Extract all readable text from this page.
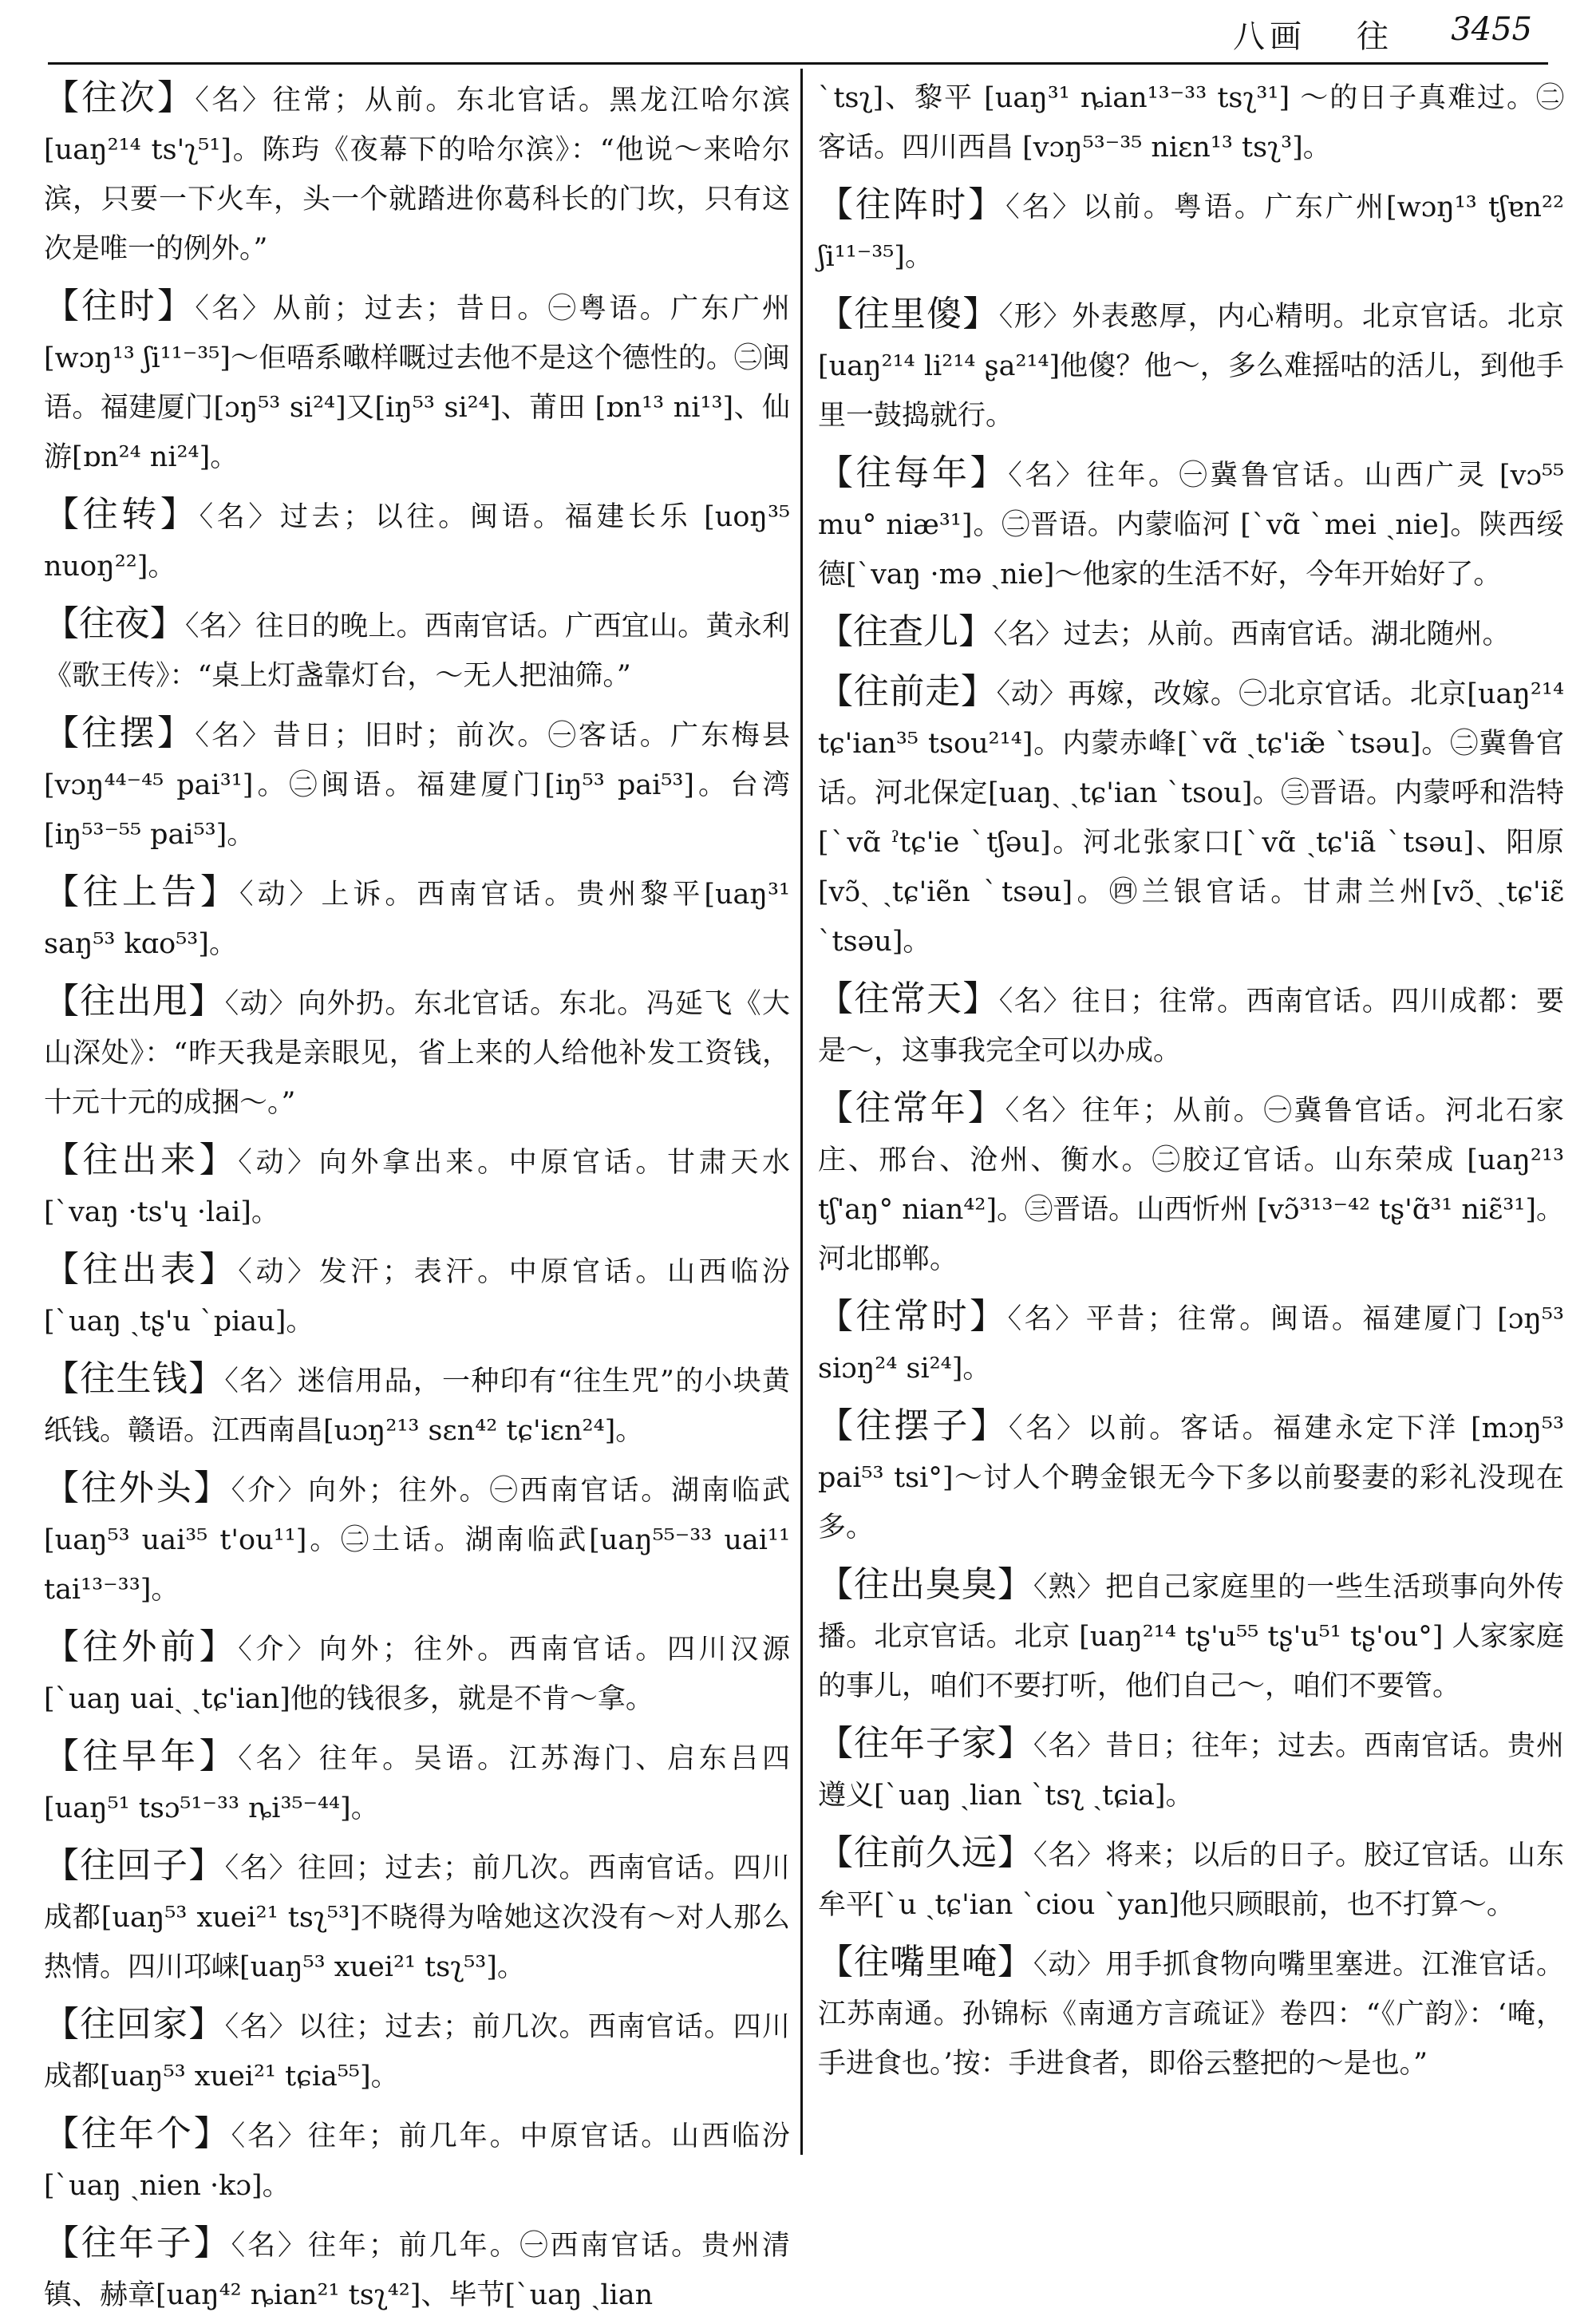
八画 往 3455

【往次】〈名〉往常；从前。东北官话。黑龙江哈尔滨 [uaŋ²¹⁴ ts'ʅ⁵¹]。陈玙《夜幕下的哈尔滨》：“他说～来哈尔滨，只要一下火车，头一个就踏进你葛科长的门坎，只有这次是唯一的例外。”

【往时】〈名〉从前；过去；昔日。㊀粤语。广东广州 [wɔŋ¹³ ʃi¹¹⁻³⁵]～佢唔系噉样嘅过去他不是这个德性的。㊁闽语。福建厦门[ɔŋ⁵³ si²⁴]又[iŋ⁵³ si²⁴]、莆田 [ɒn¹³ ni¹³]、仙游[ɒn²⁴ ni²⁴]。

【往转】〈名〉过去；以往。闽语。福建长乐 [uoŋ³⁵ nuoŋ²²]。

【往夜】〈名〉往日的晚上。西南官话。广西宜山。黄永利《歌王传》：“桌上灯盏靠灯台，～无人把油筛。”

【往摆】〈名〉昔日；旧时；前次。㊀客话。广东梅县 [vɔŋ⁴⁴⁻⁴⁵ pai³¹]。㊁闽语。福建厦门[iŋ⁵³ pai⁵³]。台湾[iŋ⁵³⁻⁵⁵ pai⁵³]。

【往上告】〈动〉上诉。西南官话。贵州黎平[uaŋ³¹ saŋ⁵³ kɑo⁵³]。

【往出甩】〈动〉向外扔。东北官话。东北。冯延飞《大山深处》：“昨天我是亲眼见，省上来的人给他补发工资钱，十元十元的成捆～。”

【往出来】〈动〉向外拿出来。中原官话。甘肃天水 [ˋvaŋ ·ts'ɥ ·lai]。

【往出表】〈动〉发汗；表汗。中原官话。山西临汾 [ˋuaŋ ˏtʂ'u ˋpiau]。

【往生钱】〈名〉迷信用品，一种印有“往生咒”的小块黄纸钱。赣语。江西南昌[uɔŋ²¹³ sɛn⁴² tɕ'iɛn²⁴]。

【往外头】〈介〉向外；往外。㊀西南官话。湖南临武 [uaŋ⁵³ uai³⁵ t'ou¹¹]。㊁土话。湖南临武[uaŋ⁵⁵⁻³³ uai¹¹ tai¹³⁻³³]。

【往外前】〈介〉向外；往外。西南官话。四川汉源 [ˋuaŋ uaiˎ ˏtɕ'ian]他的钱很多，就是不肯～拿。

【往早年】〈名〉往年。吴语。江苏海门、启东吕四 [uaŋ⁵¹ tsɔ⁵¹⁻³³ ȵi³⁵⁻⁴⁴]。

【往回子】〈名〉往回；过去；前几次。西南官话。四川成都[uaŋ⁵³ xuei²¹ tsʅ⁵³]不晓得为啥她这次没有～对人那么热情。四川邛崃[uaŋ⁵³ xuei²¹ tsʅ⁵³]。

【往回家】〈名〉以往；过去；前几次。西南官话。四川成都[uaŋ⁵³ xuei²¹ tɕia⁵⁵]。

【往年个】〈名〉往年；前几年。中原官话。山西临汾 [ˋuaŋ ˏnien ·kɔ]。

【往年子】〈名〉往年；前几年。㊀西南官话。贵州清镇、赫章[uaŋ⁴² ȵian²¹ tsʅ⁴²]、毕节[ˋuaŋ ˏlian

ˋtsʅ]、黎平 [uaŋ³¹ ȵian¹³⁻³³ tsʅ³¹] ～的日子真难过。㊁客话。四川西昌 [vɔŋ⁵³⁻³⁵ niɛn¹³ tsʅ³]。

【往阵时】〈名〉以前。粤语。广东广州[wɔŋ¹³ tʃɐn²² ʃi¹¹⁻³⁵]。

【往里傻】〈形〉外表憨厚，内心精明。北京官话。北京 [uaŋ²¹⁴ li²¹⁴ ʂa²¹⁴]他傻？他～，多么难摇咕的活儿，到他手里一鼓捣就行。

【往每年】〈名〉往年。㊀冀鲁官话。山西广灵 [vɔ⁵⁵ mu° niæ³¹]。㊁晋语。内蒙临河 [ˋvɑ̃ ˋmei ˏnie]。陕西绥德[ˋvaŋ ·mə ˏnie]～他家的生活不好，今年开始好了。

【往查儿】〈名〉过去；从前。西南官话。湖北随州。

【往前走】〈动〉再嫁，改嫁。㊀北京官话。北京[uaŋ²¹⁴ tɕ'ian³⁵ tsou²¹⁴]。内蒙赤峰[ˋvɑ̃ ˏtɕ'iæ̃ ˋtsəu]。㊁冀鲁官话。河北保定[uaŋˎ ˏtɕ'ian ˋtsou]。㊂晋语。内蒙呼和浩特[ˋvɑ̃ ˀtɕ'ie ˋtʃəu]。河北张家口[ˋvɑ̃ ˏtɕ'iã ˋtsəu]、阳原[vɔ̃ˎ ˏtɕ'iẽn ˋtsəu]。㊃兰银官话。甘肃兰州[vɔ̃ˎ ˏtɕ'iɛ̃ ˋtsəu]。

【往常天】〈名〉往日；往常。西南官话。四川成都：要是～，这事我完全可以办成。

【往常年】〈名〉往年；从前。㊀冀鲁官话。河北石家庄、邢台、沧州、衡水。㊁胶辽官话。山东荣成 [uaŋ²¹³ tʃ'aŋ° nian⁴²]。㊂晋语。山西忻州 [vɔ̃³¹³⁻⁴² tʂ'ɑ̃³¹ niɛ̃³¹]。河北邯郸。

【往常时】〈名〉平昔；往常。闽语。福建厦门 [ɔŋ⁵³ siɔŋ²⁴ si²⁴]。

【往摆子】〈名〉以前。客话。福建永定下洋 [mɔŋ⁵³ pai⁵³ tsi°]～讨人个聘金银无今下多以前娶妻的彩礼没现在多。

【往出臭臭】〈熟〉把自己家庭里的一些生活琐事向外传播。北京官话。北京 [uaŋ²¹⁴ tʂ'u⁵⁵ tʂ'u⁵¹ tʂ'ou°] 人家家庭的事儿，咱们不要打听，他们自己～，咱们不要管。

【往年子家】〈名〉昔日；往年；过去。西南官话。贵州遵义[ˋuaŋ ˏlian ˋtsʅ ˏtɕia]。

【往前久远】〈名〉将来；以后的日子。胶辽官话。山东牟平[ˋu ˏtɕ'ian ˋciou ˋyan]他只顾眼前，也不打算～。

【往嘴里唵】〈动〉用手抓食物向嘴里塞进。江淮官话。江苏南通。孙锦标《南通方言疏证》卷四：“《广韵》：‘唵，手进食也。’按：手进食者，即俗云整把的～是也。”
